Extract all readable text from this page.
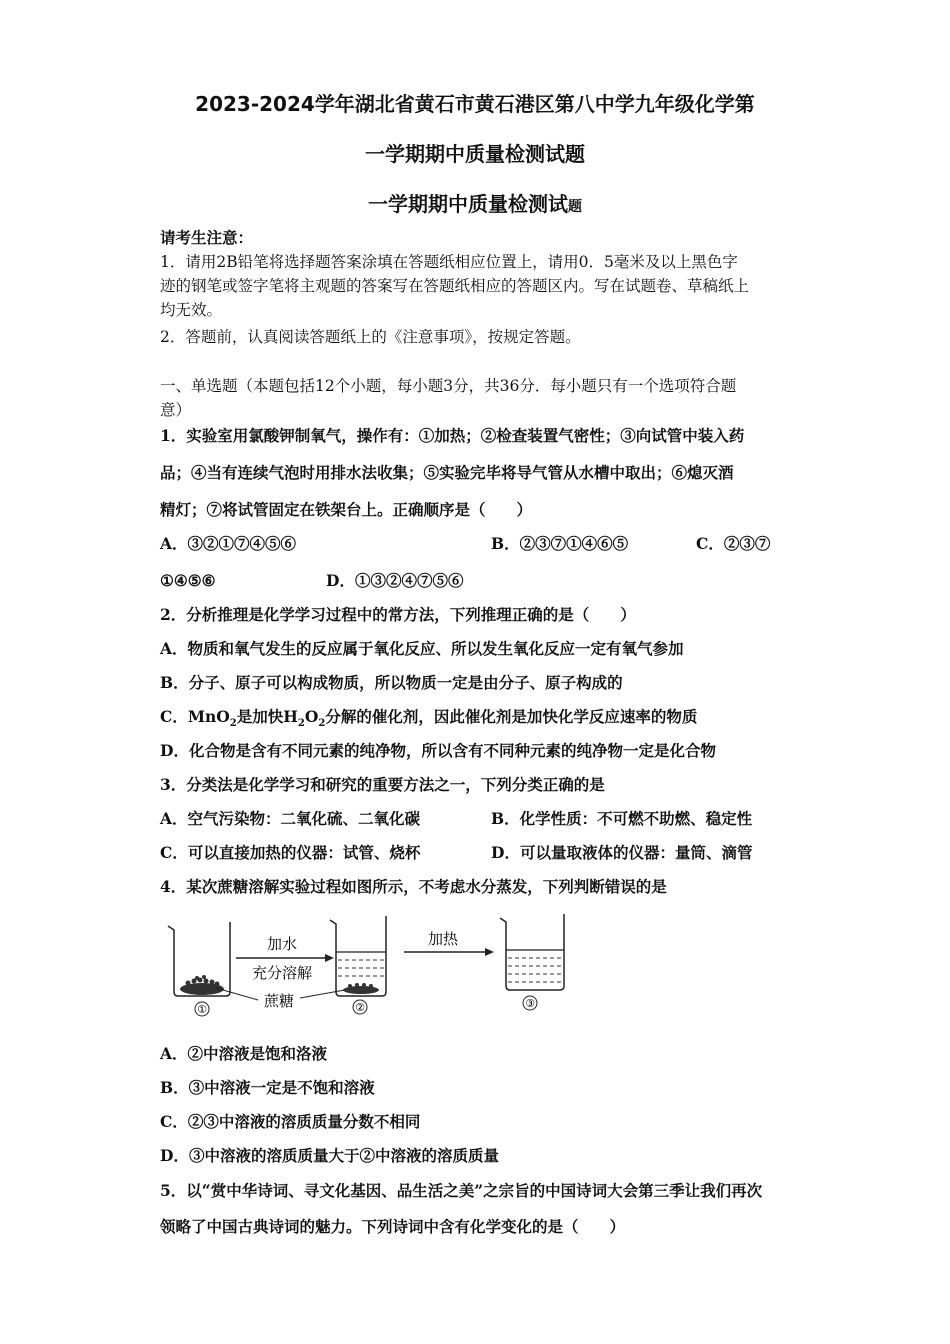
2023-2024学年湖北省黄石市黄石港区第八中学九年级化学第
一学期期中质量检测试题
一学期期中质量检测试题
请考生注意：
1．请用2B铅笔将选择题答案涂填在答题纸相应位置上，请用0．5毫米及以上黑色字
迹的钢笔或签字笔将主观题的答案写在答题纸相应的答题区内。写在试题卷、草稿纸上
均无效。
2．答题前，认真阅读答题纸上的《注意事项》，按规定答题。
一、单选题（本题包括12个小题，每小题3分，共36分．每小题只有一个选项符合题
意）
1．实验室用氯酸钾制氧气，操作有：①加热；②检查装置气密性；③向试管中装入药
品；④当有连续气泡时用排水法收集；⑤实验完毕将导气管从水槽中取出；⑥熄灭酒
精灯；⑦将试管固定在铁架台上。正确顺序是（　　）
A．③②①⑦④⑤⑥	B．②③⑦①④⑥⑤	C．②③⑦
①④⑤⑥	D．①③②④⑦⑤⑥
2．分析推理是化学学习过程中的常方法，下列推理正确的是（　　）
A．物质和氧气发生的反应属于氧化反应、所以发生氧化反应一定有氧气参加
B．分子、原子可以构成物质，所以物质一定是由分子、原子构成的
C．MnO$_2$是加快$H_2O_2$分解的催化剂，因此催化剂是加快化学反应速率的物质
D．化合物是含有不同元素的纯净物，所以含有不同种元素的纯净物一定是化合物
3．分类法是化学学习和研究的重要方法之一，下列分类正确的是
A．空气污染物：二氧化硫、二氧化碳	B．化学性质：不可燃不助燃、稳定性
C．可以直接加热的仪器：试管、烧杯	D．可以量取液体的仪器：量筒、滴管
4．某次蔗糖溶解实验过程如图所示，不考虑水分蒸发，下列判断错误的是
①
加水
充分溶解
蔗糖	②
加热
③
A．②中溶液是饱和洛液
B．③中溶液一定是不饱和溶液
C．②③中溶液的溶质质量分数不相同
D．③中溶液的溶质质量大于②中溶液的溶质质量
5．以“赏中华诗词、寻文化基因、品生活之美”之宗旨的中国诗词大会第三季让我们再次
领略了中国古典诗词的魅力。下列诗词中含有化学变化的是（　　）
